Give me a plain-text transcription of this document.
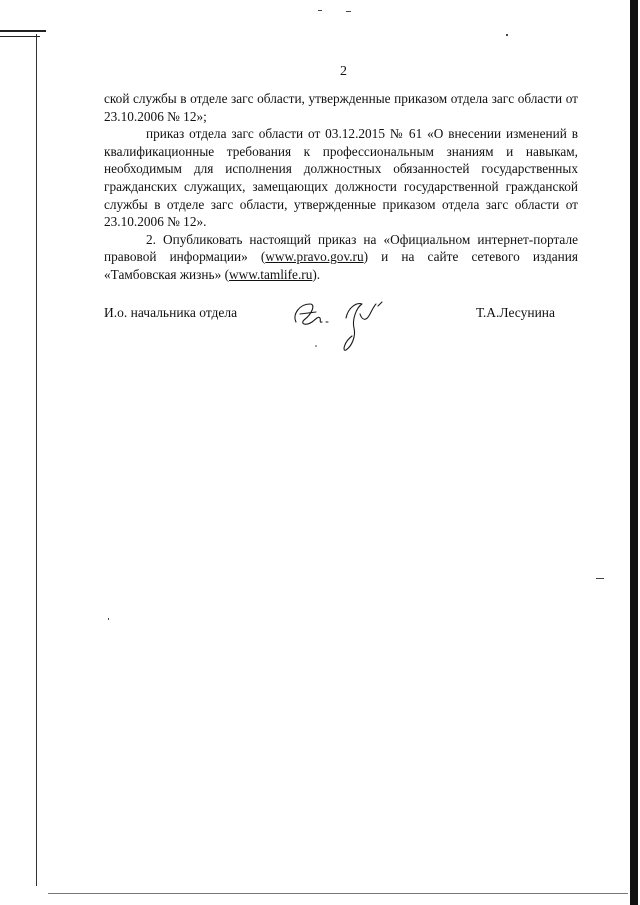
2

ской службы в отделе загс области, утвержденные приказом отдела загс области от 23.10.2006 № 12»;

приказ отдела загс области от 03.12.2015 № 61 «О внесении изменений в квалификационные требования к профессиональным знаниям и навыкам, необходимым для исполнения должностных обязанностей государственных гражданских служащих, замещающих должности государственной гражданской службы в отделе загс области, утвержденные приказом отдела загс области от 23.10.2006 № 12».

2. Опубликовать настоящий приказ на «Официальном интернет-портале правовой информации» (www.pravo.gov.ru) и на сайте сетевого издания «Тамбовская жизнь» (www.tamlife.ru).

И.о. начальника отдела	Т.А.Лесунина
